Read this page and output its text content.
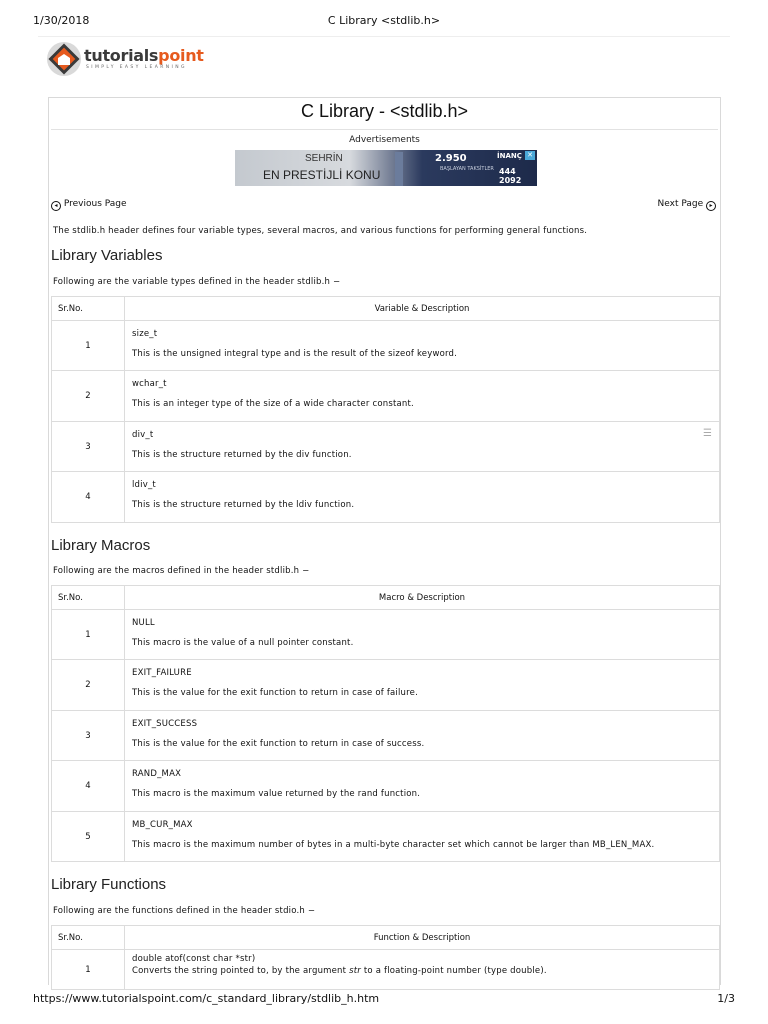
1/30/2018	C Library <stdlib.h>
tutorialspoint
SIMPLY EASY LEARNING
C Library - <stdlib.h>
Advertisements
SEHRİN
EN PRESTİJLİ KONU
2.950
BAŞLAYAN TAKSİTLER
İNANÇ
444 2092
✕
◂ Previous Page	Next Page ▸
The stdlib.h header defines four variable types, several macros, and various functions for performing general functions.
Library Variables
Following are the variable types defined in the header stdlib.h −
Sr.No.	Variable & Description
1	size_t
This is the unsigned integral type and is the result of the sizeof keyword.

2	wchar_t
This is an integer type of the size of a wide character constant.

3	div_t
This is the structure returned by the div function.

4	ldiv_t
This is the structure returned by the ldiv function.
☰
Library Macros
Following are the macros defined in the header stdlib.h −
Sr.No.	Macro & Description
1	NULL
This macro is the value of a null pointer constant.

2	EXIT_FAILURE
This is the value for the exit function to return in case of failure.

3	EXIT_SUCCESS
This is the value for the exit function to return in case of success.

4	RAND_MAX
This macro is the maximum value returned by the rand function.

5	MB_CUR_MAX
This macro is the maximum number of bytes in a multi-byte character set which cannot be larger than MB_LEN_MAX.
Library Functions
Following are the functions defined in the header stdio.h −
Sr.No.	Function & Description
1	double atof(const char *str)
Converts the string pointed to, by the argument str to a floating-point number (type double).
https://www.tutorialspoint.com/c_standard_library/stdlib_h.htm	1/3
